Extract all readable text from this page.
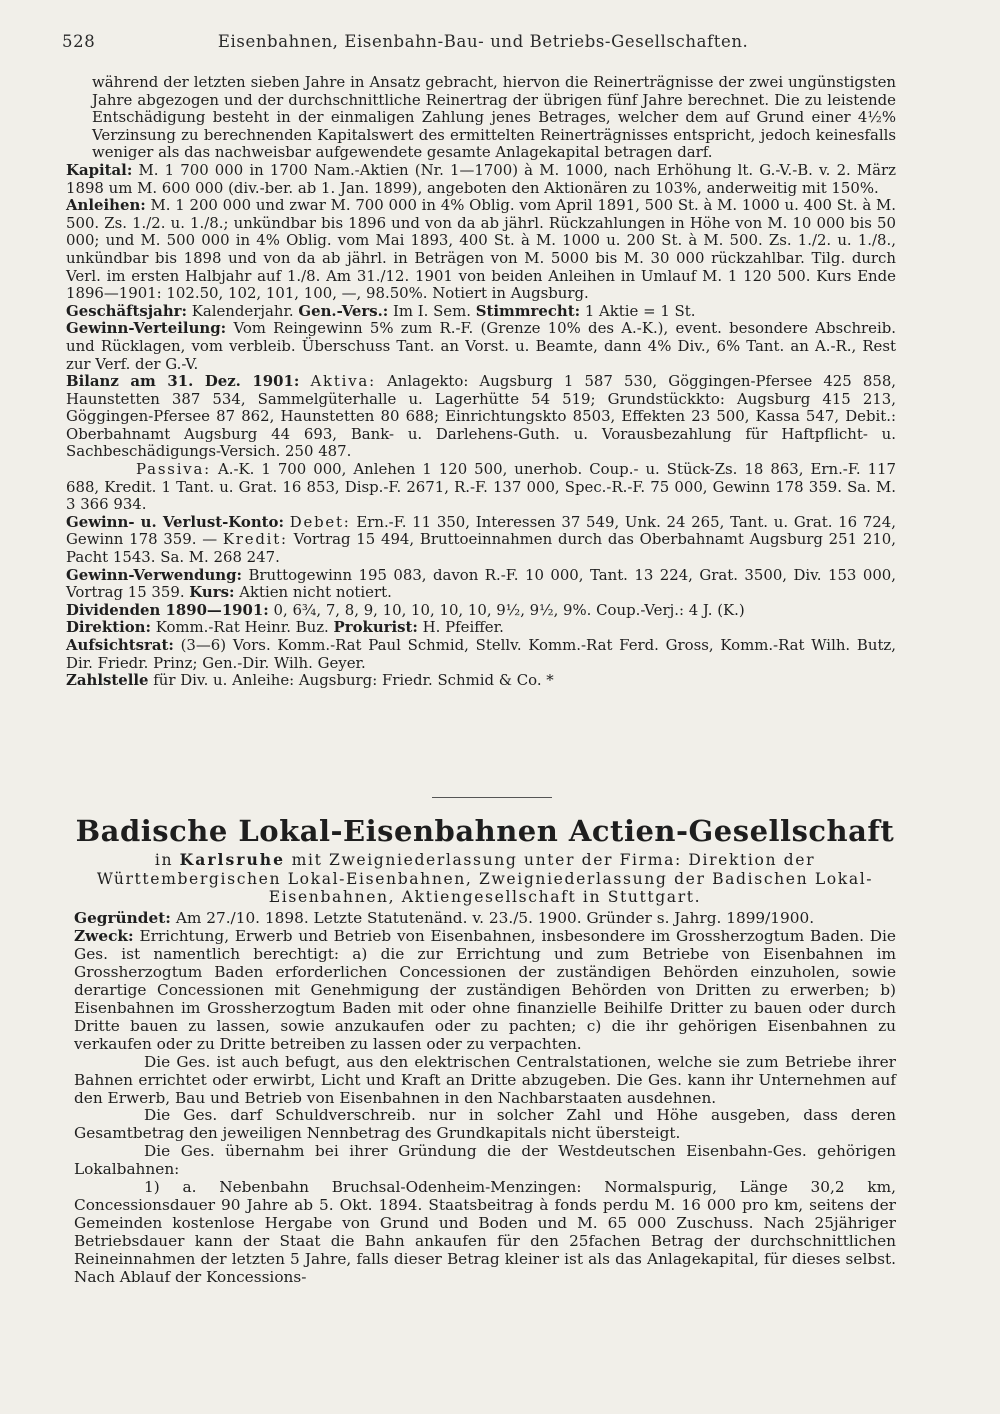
528	Eisenbahnen, Eisenbahn-Bau- und Betriebs-Gesellschaften.

während der letzten sieben Jahre in Ansatz gebracht, hiervon die Reinerträgnisse der zwei ungünstigsten Jahre abgezogen und der durchschnittliche Reinertrag der übrigen fünf Jahre berechnet. Die zu leistende Entschädigung besteht in der einmaligen Zahlung jenes Betrages, welcher dem auf Grund einer 4½% Verzinsung zu berechnenden Kapitalswert des ermittelten Reinerträgnisses entspricht, jedoch keinesfalls weniger als das nachweisbar aufgewendete gesamte Anlagekapital betragen darf.

Kapital: M. 1 700 000 in 1700 Nam.-Aktien (Nr. 1—1700) à M. 1000, nach Erhöhung lt. G.-V.-B. v. 2. März 1898 um M. 600 000 (div.-ber. ab 1. Jan. 1899), angeboten den Aktionären zu 103%, anderweitig mit 150%.

Anleihen: M. 1 200 000 und zwar M. 700 000 in 4% Oblig. vom April 1891, 500 St. à M. 1000 u. 400 St. à M. 500. Zs. 1./2. u. 1./8.; unkündbar bis 1896 und von da ab jährl. Rückzahlungen in Höhe von M. 10 000 bis 50 000; und M. 500 000 in 4% Oblig. vom Mai 1893, 400 St. à M. 1000 u. 200 St. à M. 500. Zs. 1./2. u. 1./8., unkündbar bis 1898 und von da ab jährl. in Beträgen von M. 5000 bis M. 30 000 rückzahlbar. Tilg. durch Verl. im ersten Halbjahr auf 1./8. Am 31./12. 1901 von beiden Anleihen in Umlauf M. 1 120 500. Kurs Ende 1896—1901: 102.50, 102, 101, 100, —, 98.50%. Notiert in Augsburg.

Geschäftsjahr: Kalenderjahr. Gen.-Vers.: Im I. Sem. Stimmrecht: 1 Aktie = 1 St.

Gewinn-Verteilung: Vom Reingewinn 5% zum R.-F. (Grenze 10% des A.-K.), event. besondere Abschreib. und Rücklagen, vom verbleib. Überschuss Tant. an Vorst. u. Beamte, dann 4% Div., 6% Tant. an A.-R., Rest zur Verf. der G.-V.

Bilanz am 31. Dez. 1901: Aktiva: Anlagekto: Augsburg 1 587 530, Göggingen-Pfersee 425 858, Haunstetten 387 534, Sammelgüterhalle u. Lagerhütte 54 519; Grundstückkto: Augsburg 415 213, Göggingen-Pfersee 87 862, Haunstetten 80 688; Einrichtungskto 8503, Effekten 23 500, Kassa 547, Debit.: Oberbahnamt Augsburg 44 693, Bank- u. Darlehens-Guth. u. Vorausbezahlung für Haftpflicht- u. Sachbeschädigungs-Versich. 250 487.

Passiva: A.-K. 1 700 000, Anlehen 1 120 500, unerhob. Coup.- u. Stück-Zs. 18 863, Ern.-F. 117 688, Kredit. 1 Tant. u. Grat. 16 853, Disp.-F. 2671, R.-F. 137 000, Spec.-R.-F. 75 000, Gewinn 178 359. Sa. M. 3 366 934.

Gewinn- u. Verlust-Konto: Debet: Ern.-F. 11 350, Interessen 37 549, Unk. 24 265, Tant. u. Grat. 16 724, Gewinn 178 359. — Kredit: Vortrag 15 494, Bruttoeinnahmen durch das Oberbahnamt Augsburg 251 210, Pacht 1543. Sa. M. 268 247.

Gewinn-Verwendung: Bruttogewinn 195 083, davon R.-F. 10 000, Tant. 13 224, Grat. 3500, Div. 153 000, Vortrag 15 359. Kurs: Aktien nicht notiert.

Dividenden 1890—1901: 0, 6¾, 7, 8, 9, 10, 10, 10, 10, 9½, 9½, 9%. Coup.-Verj.: 4 J. (K.)

Direktion: Komm.-Rat Heinr. Buz. Prokurist: H. Pfeiffer.

Aufsichtsrat: (3—6) Vors. Komm.-Rat Paul Schmid, Stellv. Komm.-Rat Ferd. Gross, Komm.-Rat Wilh. Butz, Dir. Friedr. Prinz; Gen.-Dir. Wilh. Geyer.

Zahlstelle für Div. u. Anleihe: Augsburg: Friedr. Schmid & Co. *

Badische Lokal-Eisenbahnen Actien-Gesellschaft
in Karlsruhe mit Zweigniederlassung unter der Firma: Direktion der Württembergischen Lokal-Eisenbahnen, Zweigniederlassung der Badischen Lokal-Eisenbahnen, Aktiengesellschaft in Stuttgart.

Gegründet: Am 27./10. 1898. Letzte Statutenänd. v. 23./5. 1900. Gründer s. Jahrg. 1899/1900.

Zweck: Errichtung, Erwerb und Betrieb von Eisenbahnen, insbesondere im Grossherzogtum Baden. Die Ges. ist namentlich berechtigt: a) die zur Errichtung und zum Betriebe von Eisenbahnen im Grossherzogtum Baden erforderlichen Concessionen der zuständigen Behörden einzuholen, sowie derartige Concessionen mit Genehmigung der zuständigen Behörden von Dritten zu erwerben; b) Eisenbahnen im Grossherzogtum Baden mit oder ohne finanzielle Beihilfe Dritter zu bauen oder durch Dritte bauen zu lassen, sowie anzukaufen oder zu pachten; c) die ihr gehörigen Eisenbahnen zu verkaufen oder zu Dritte betreiben zu lassen oder zu verpachten.

Die Ges. ist auch befugt, aus den elektrischen Centralstationen, welche sie zum Betriebe ihrer Bahnen errichtet oder erwirbt, Licht und Kraft an Dritte abzugeben. Die Ges. kann ihr Unternehmen auf den Erwerb, Bau und Betrieb von Eisenbahnen in den Nachbarstaaten ausdehnen.

Die Ges. darf Schuldverschreib. nur in solcher Zahl und Höhe ausgeben, dass deren Gesamtbetrag den jeweiligen Nennbetrag des Grundkapitals nicht übersteigt.

Die Ges. übernahm bei ihrer Gründung die der Westdeutschen Eisenbahn-Ges. gehörigen Lokalbahnen:

1) a. Nebenbahn Bruchsal-Odenheim-Menzingen: Normalspurig, Länge 30,2 km, Concessionsdauer 90 Jahre ab 5. Okt. 1894. Staatsbeitrag à fonds perdu M. 16 000 pro km, seitens der Gemeinden kostenlose Hergabe von Grund und Boden und M. 65 000 Zuschuss. Nach 25jähriger Betriebsdauer kann der Staat die Bahn ankaufen für den 25fachen Betrag der durchschnittlichen Reineinnahmen der letzten 5 Jahre, falls dieser Betrag kleiner ist als das Anlagekapital, für dieses selbst. Nach Ablauf der Koncessions-
